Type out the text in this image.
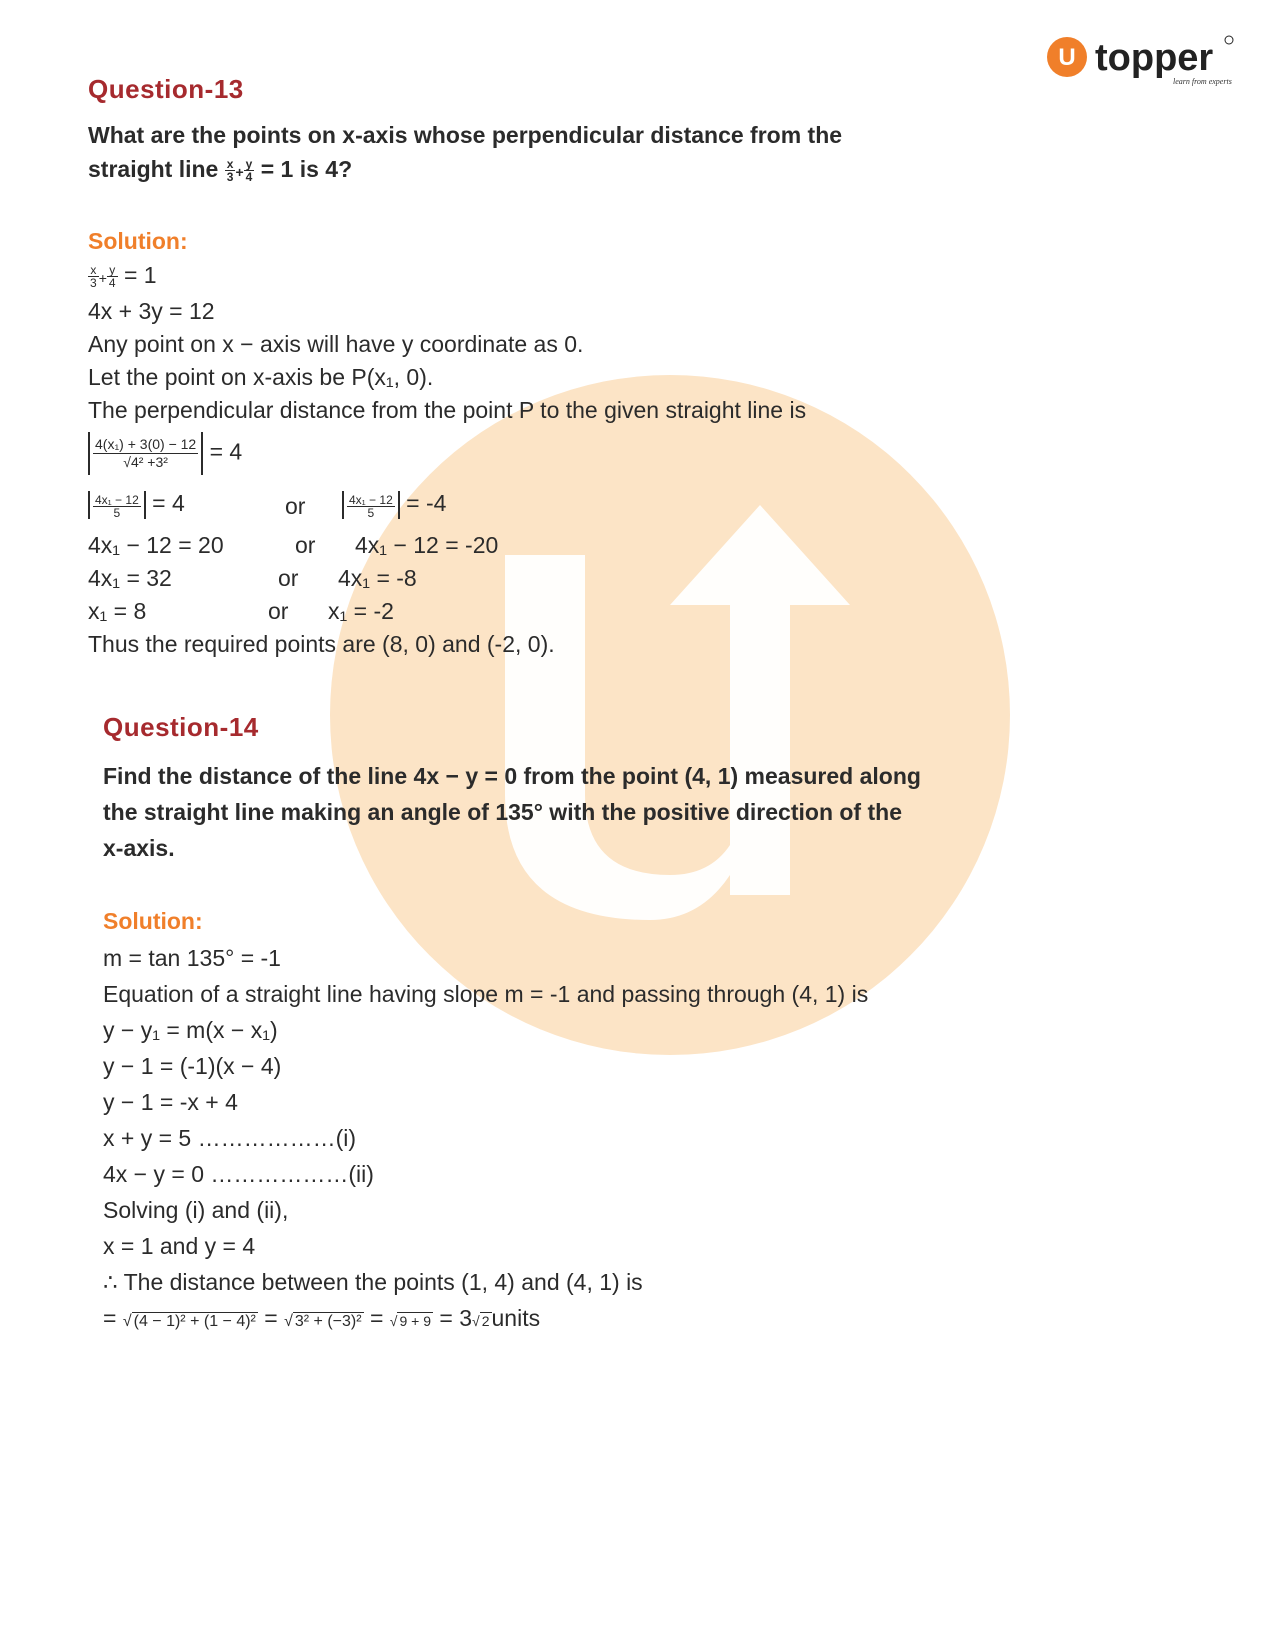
U topper
learn from experts
Question-13
What are the points on x-axis whose perpendicular distance from the
straight line $\frac{x}{3} + \frac{y}{4} = 1$ is 4?
Solution:
$\frac{x}{3} + \frac{y}{4} = 1$
4x + 3y = 12
Any point on x − axis will have y coordinate as 0.
Let the point on x-axis be P(x₁, 0).
The perpendicular distance from the point P to the given straight line is
$\frac{\text{4(x₁) + 3(0) − 12}}{\text{√4² +3²}} = 4$
$\frac{\text{4x₁ − 12}}{5} = 4$	or	$\frac{\text{4x₁ − 12}}{5} = -4$
4x₁ − 12 = 20	or 4x₁ − 12 = -20
4x₁ = 32	or 4x₁ = -8
x₁ = 8	or x₁ = -2
Thus the required points are (8, 0) and (-2, 0).
Question-14
Find the distance of the line 4x − y = 0 from the point (4, 1) measured along
the straight line making an angle of 135° with the positive direction of the
x-axis.
Solution:
m = tan 135° = -1
Equation of a straight line having slope m = -1 and passing through (4, 1) is
y − y₁ = m(x − x₁)
y − 1 = (-1)(x − 4)
y − 1 = -x + 4
x + y = 5 ………………(i)
4x − y = 0 ………………(ii)
Solving (i) and (ii),
x = 1 and y = 4
∴ The distance between the points (1, 4) and (4, 1) is
= √ (4 − 1)² + (1 − 4)² = √ 3² + (−3)² = √ 9 + 9 = 3√ 2units
